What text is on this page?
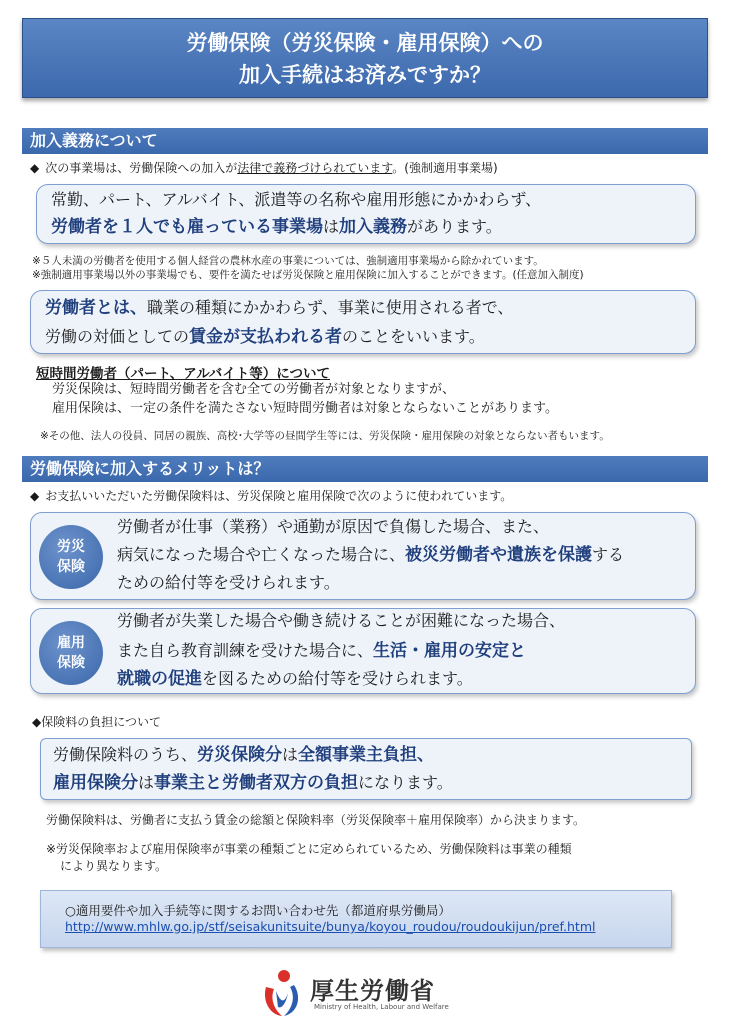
労働保険（労災保険・雇用保険）への
加入手続はお済みですか？
加入義務について
◆ 次の事業場は、労働保険への加入が法律で義務づけられています。(強制適用事業場)
常勤、パート、アルバイト、派遣等の名称や雇用形態にかかわらず、
労働者を１人でも雇っている事業場は加入義務があります。
※５人未満の労働者を使用する個人経営の農林水産の事業については、強制適用事業場から除かれています。
※強制適用事業場以外の事業場でも、要件を満たせば労災保険と雇用保険に加入することができます。(任意加入制度)
労働者とは、職業の種類にかかわらず、事業に使用される者で、
労働の対価としての賃金が支払われる者のことをいいます。
短時間労働者（パート、アルバイト等）について
労災保険は、短時間労働者を含む全ての労働者が対象となりますが、
雇用保険は、一定の条件を満たさない短時間労働者は対象とならないことがあります。
※その他、法人の役員、同居の親族、高校･大学等の昼間学生等には、労災保険・雇用保険の対象とならない者もいます。
労働保険に加入するメリットは？
◆ お支払いいただいた労働保険料は、労災保険と雇用保険で次のように使われています。
労災
保険
労働者が仕事（業務）や通勤が原因で負傷した場合、また、
病気になった場合や亡くなった場合に、被災労働者や遺族を保護する
ための給付等を受けられます。
雇用
保険
労働者が失業した場合や働き続けることが困難になった場合、
また自ら教育訓練を受けた場合に、生活・雇用の安定と
就職の促進を図るための給付等を受けられます。
◆保険料の負担について
労働保険料のうち、労災保険分は全額事業主負担、
雇用保険分は事業主と労働者双方の負担になります。
労働保険料は、労働者に支払う賃金の総額と保険料率（労災保険率＋雇用保険率）から決まります。
※労災保険率および雇用保険率が事業の種類ごとに定められているため、労働保険料は事業の種類
により異なります。
○適用要件や加入手続等に関するお問い合わせ先（都道府県労働局）
http://www.mhlw.go.jp/stf/seisakunitsuite/bunya/koyou_roudou/roudoukijun/pref.html
厚生労働省
Ministry of Health, Labour and Welfare
